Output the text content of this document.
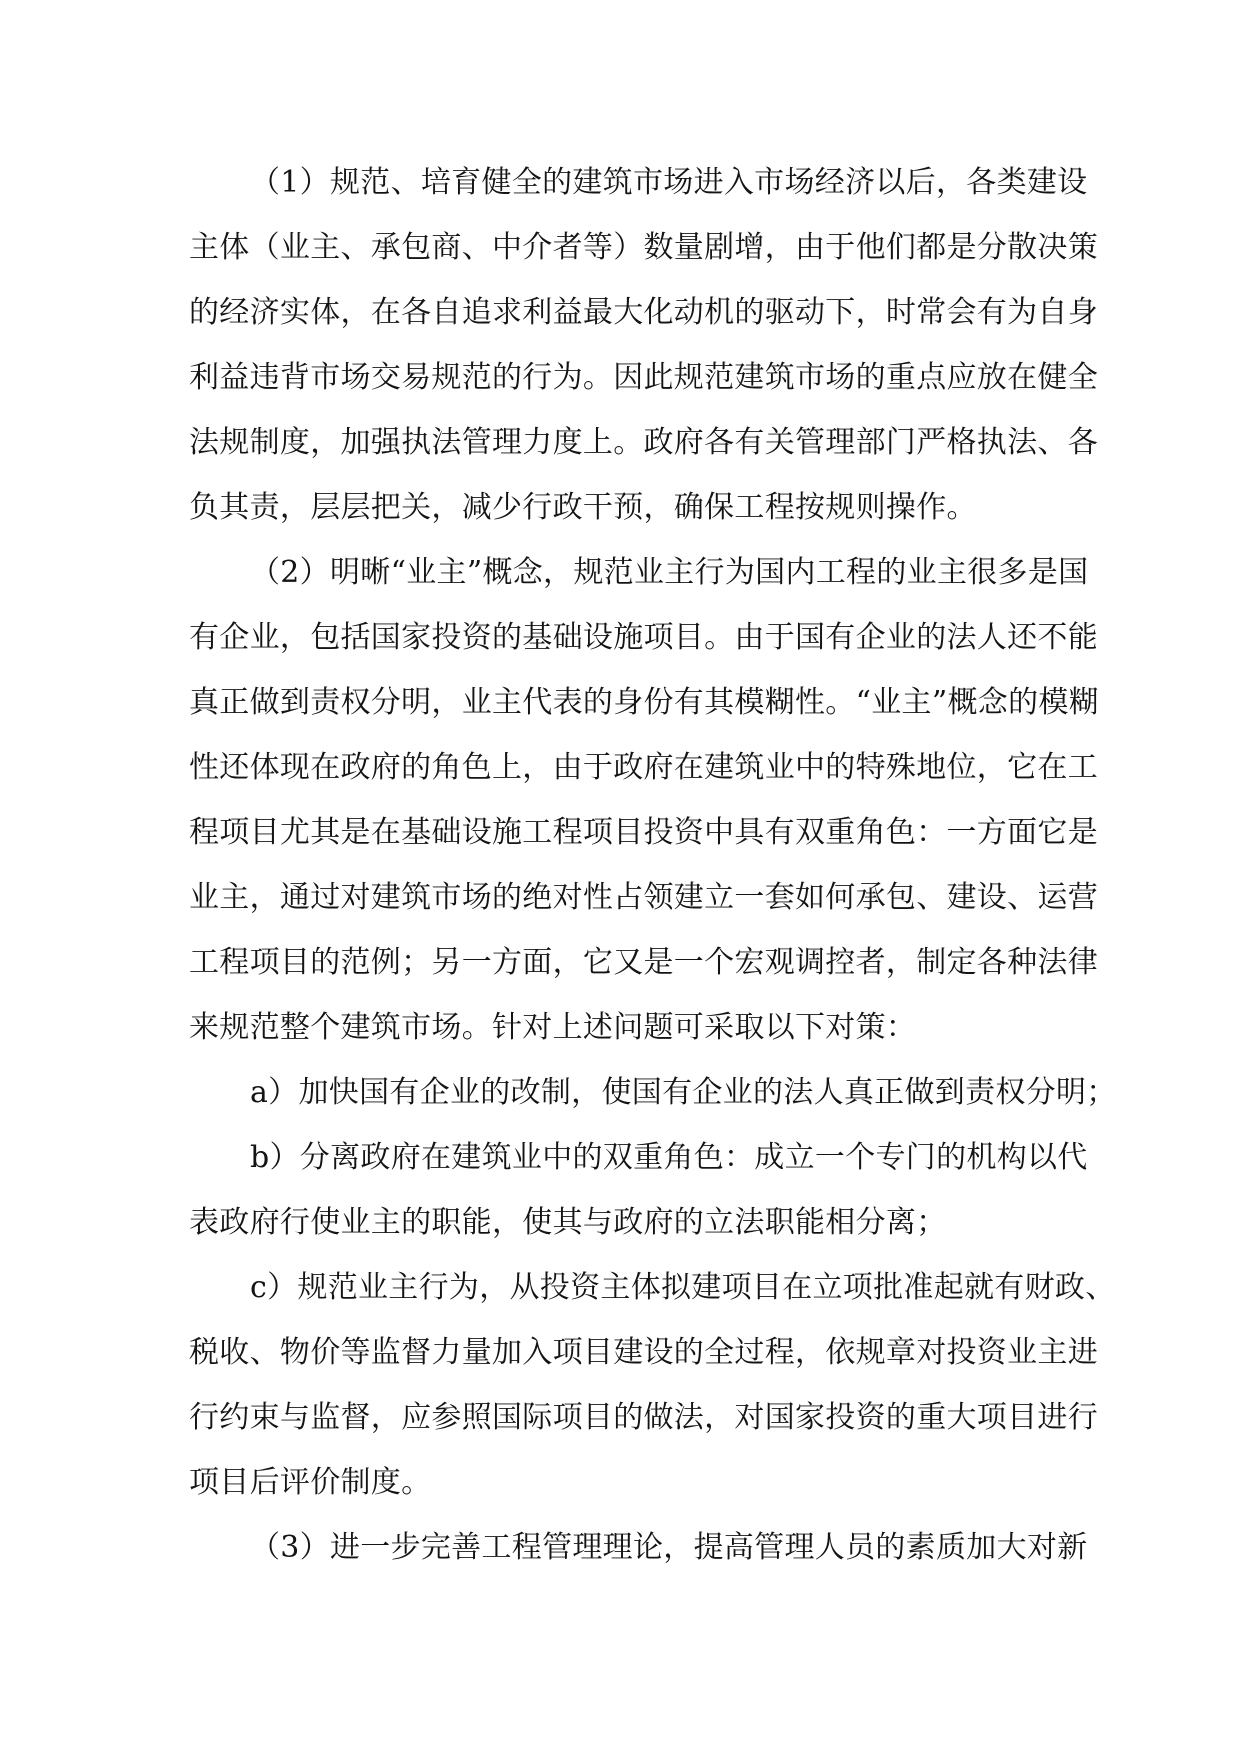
（1）规范、培育健全的建筑市场进入市场经济以后，各类建设
主体（业主、承包商、中介者等）数量剧增，由于他们都是分散决策
的经济实体，在各自追求利益最大化动机的驱动下，时常会有为自身
利益违背市场交易规范的行为。因此规范建筑市场的重点应放在健全
法规制度，加强执法管理力度上。政府各有关管理部门严格执法、各
负其责，层层把关，减少行政干预，确保工程按规则操作。
（2）明晰“业主”概念，规范业主行为国内工程的业主很多是国
有企业，包括国家投资的基础设施项目。由于国有企业的法人还不能
真正做到责权分明，业主代表的身份有其模糊性。“业主”概念的模糊
性还体现在政府的角色上，由于政府在建筑业中的特殊地位，它在工
程项目尤其是在基础设施工程项目投资中具有双重角色：一方面它是
业主，通过对建筑市场的绝对性占领建立一套如何承包、建设、运营
工程项目的范例；另一方面，它又是一个宏观调控者，制定各种法律
来规范整个建筑市场。针对上述问题可采取以下对策：
a）加快国有企业的改制，使国有企业的法人真正做到责权分明；
b）分离政府在建筑业中的双重角色：成立一个专门的机构以代
表政府行使业主的职能，使其与政府的立法职能相分离；
c）规范业主行为，从投资主体拟建项目在立项批准起就有财政、
税收、物价等监督力量加入项目建设的全过程，依规章对投资业主进
行约束与监督，应参照国际项目的做法，对国家投资的重大项目进行
项目后评价制度。
（3）进一步完善工程管理理论，提高管理人员的素质加大对新
